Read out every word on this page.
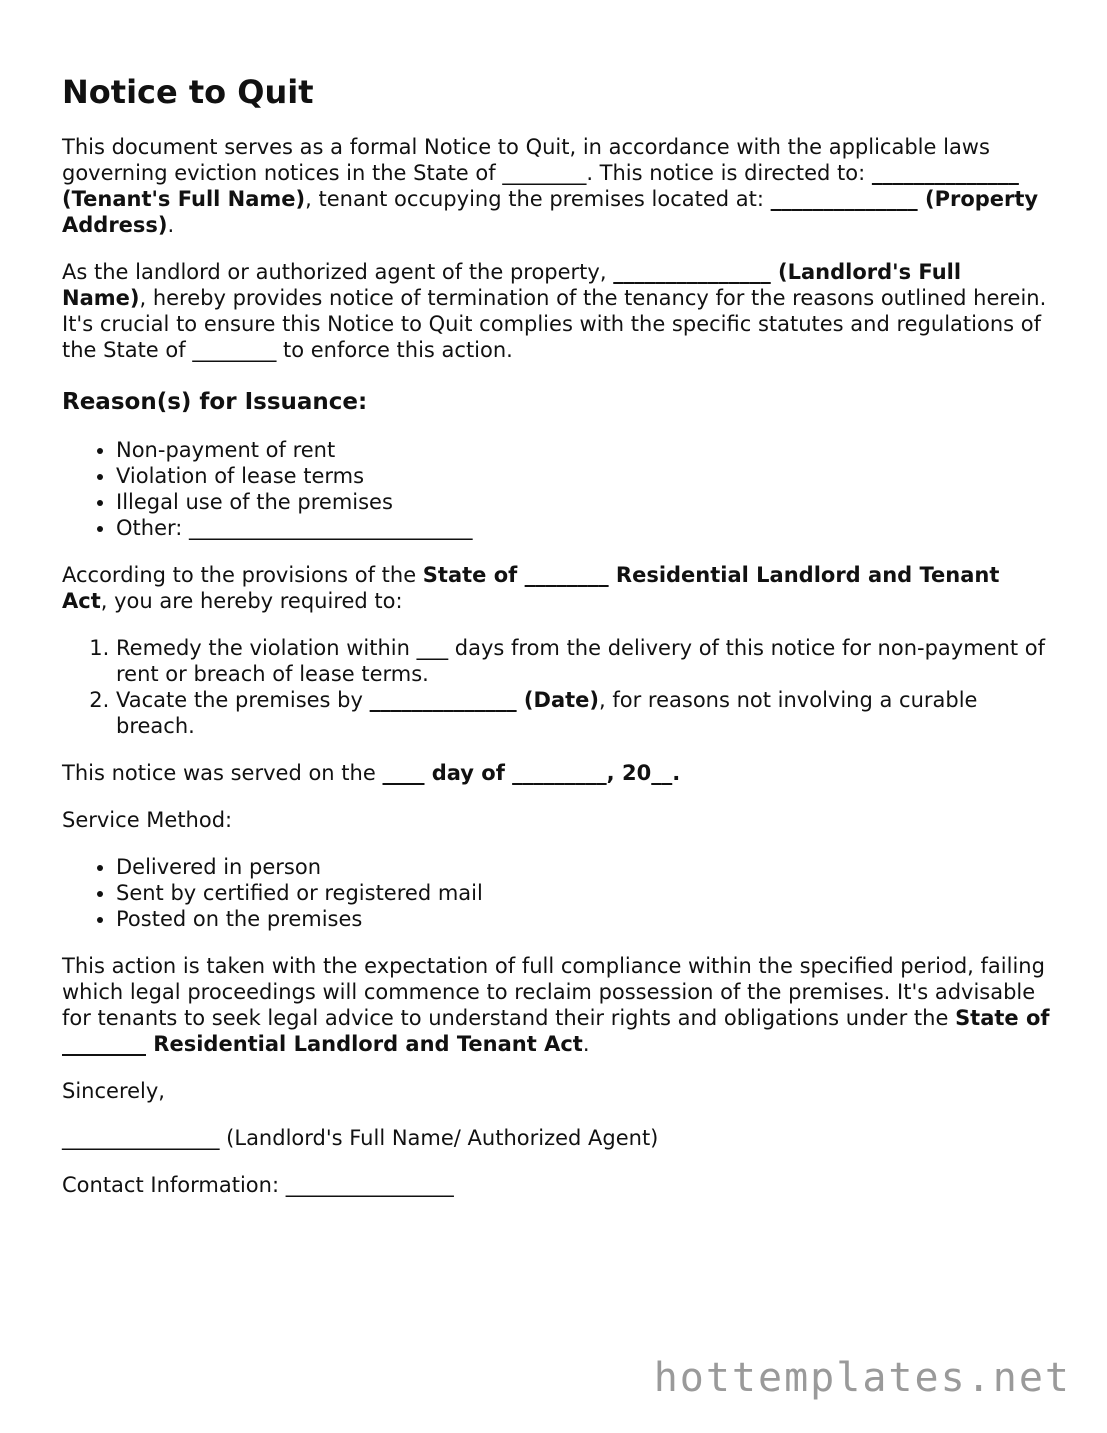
Notice to Quit

This document serves as a formal Notice to Quit, in accordance with the applicable laws governing eviction notices in the State of ________. This notice is directed to: ______________ (Tenant's Full Name), tenant occupying the premises located at: ______________ (Property Address).

As the landlord or authorized agent of the property, _______________ (Landlord's Full Name), hereby provides notice of termination of the tenancy for the reasons outlined herein. It's crucial to ensure this Notice to Quit complies with the specific statutes and regulations of the State of ________ to enforce this action.

Reason(s) for Issuance:
• Non-payment of rent
• Violation of lease terms
• Illegal use of the premises
• Other: ___________________________

According to the provisions of the State of ________ Residential Landlord and Tenant Act, you are hereby required to:

1. Remedy the violation within ___ days from the delivery of this notice for non-payment of rent or breach of lease terms.
2. Vacate the premises by ______________ (Date), for reasons not involving a curable breach.

This notice was served on the ____ day of _________, 20__.

Service Method:

• Delivered in person
• Sent by certified or registered mail
• Posted on the premises

This action is taken with the expectation of full compliance within the specified period, failing which legal proceedings will commence to reclaim possession of the premises. It's advisable for tenants to seek legal advice to understand their rights and obligations under the State of ________ Residential Landlord and Tenant Act.

Sincerely,

_______________ (Landlord's Full Name/ Authorized Agent)

Contact Information: ________________

hottemplates.net
